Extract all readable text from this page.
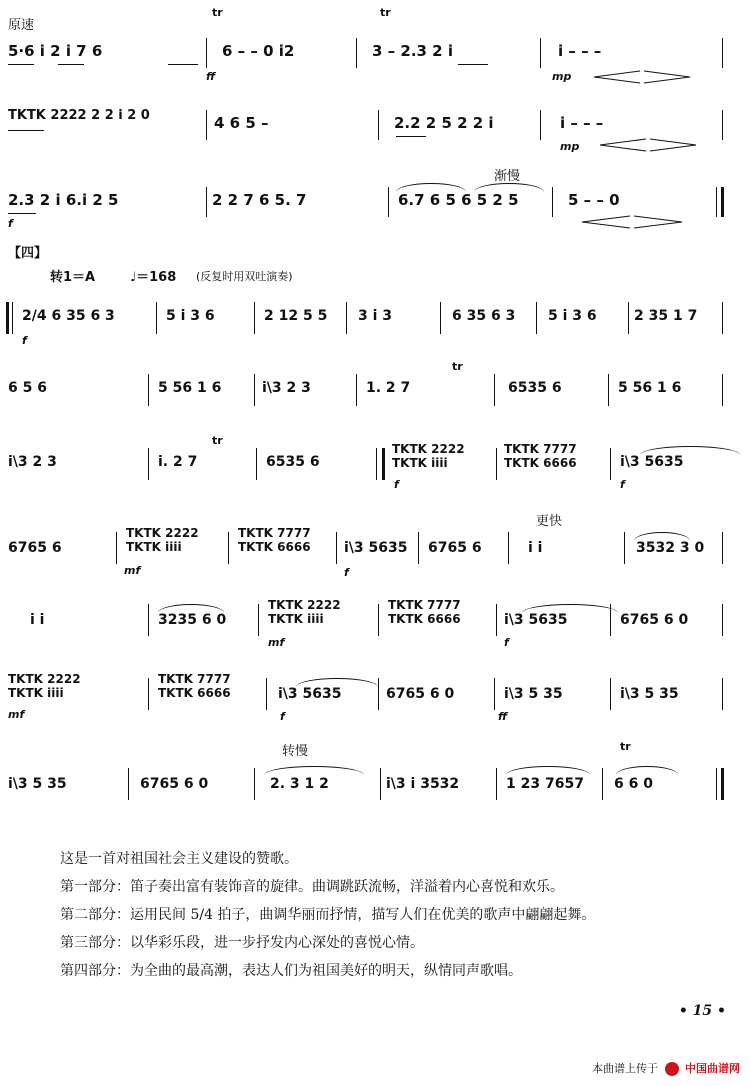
原速
5·6 i 2 i 7 6
tr
6 – – 0 i2
ff
tr
3 – 2.3 2 i	i – – –
mp
TKTK 2222 2 2 i 2 0	4 6 5 –	2.2 2 5 2 2 i	i – – –
mp
2.3 2 i 6.i 2 5
f
2 2 7 6 5. 7
渐慢
6.7 6 5 6 5 2 5	5 – – 0
【四】
转1＝A	♩＝168 (反复时用双吐演奏)
2/4 6 35 6 3
f
5 i 3 6	2 12 5 5 3 i 3	6 35 6 3 5 i 3 6	2 35 1 7
6 5 6	5 56 1 6	i\3 2 3
tr
1. 2 7	6535 6	5 56 1 6
i\3 2 3
tr
i. 2 7	6535 6
TKTK 2222 TKTK iiii
f
TKTK 7777 TKTK 6666	i\3 5635
f
6765 6
TKTK 2222 TKTK iiii
mf
TKTK 7777 TKTK 6666	i\3 5635
f
6765 6
更快
i i	3532 3 0
i i	3235 6 0
TKTK 2222 TKTK iiii
mf
TKTK 7777 TKTK 6666	i\3 5635
f
6765 6 0
TKTK 2222 TKTK iiii
mf
TKTK 7777 TKTK 6666	i\3 5635
f
6765 6 0	i\3 5 35
ff
i\3 5 35
i\3 5 35	6765 6 0
转慢
2. 3 1 2	i\3 i 3532	1 23 7657
tr
6 6 0

这是一首对祖国社会主义建设的赞歌。

第一部分：笛子奏出富有装饰音的旋律。曲调跳跃流畅，洋溢着内心喜悦和欢乐。

第二部分：运用民间 5/4 拍子，曲调华丽而抒情，描写人们在优美的歌声中翩翩起舞。

第三部分：以华彩乐段，进一步抒发内心深处的喜悦心情。

第四部分：为全曲的最高潮，表达人们为祖国美好的明天，纵情同声歌唱。

• 15 •
本曲谱上传于 中国曲谱网
